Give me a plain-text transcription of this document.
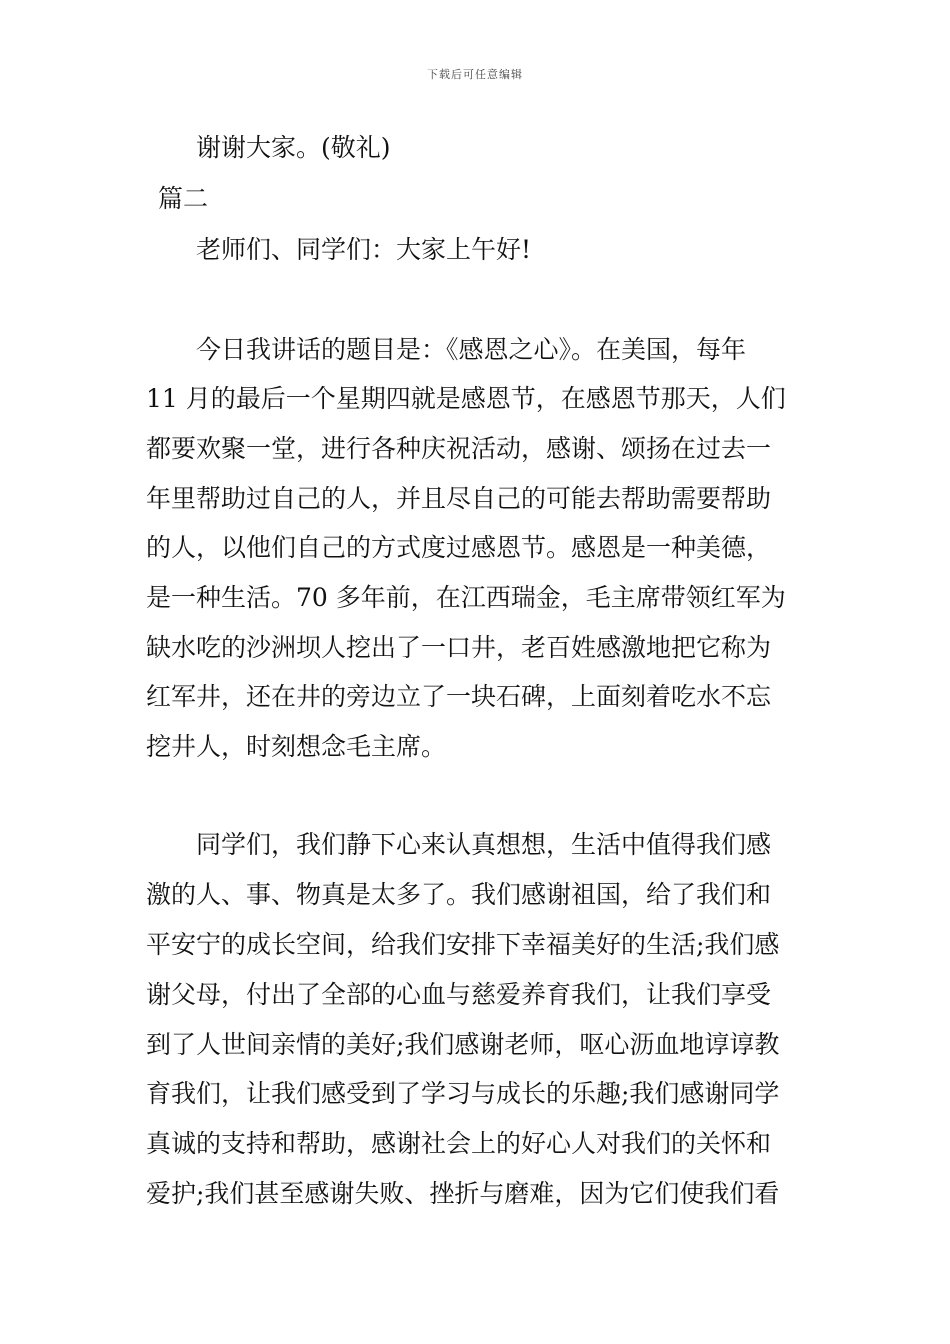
下载后可任意编辑
谢谢大家。(敬礼)
篇二
老师们、同学们：大家上午好!
今日我讲话的题目是：《感恩之心》。在美国，每年
11 月的最后一个星期四就是感恩节，在感恩节那天，人们
都要欢聚一堂，进行各种庆祝活动，感谢、颂扬在过去一
年里帮助过自己的人，并且尽自己的可能去帮助需要帮助
的人，以他们自己的方式度过感恩节。感恩是一种美德，
是一种生活。70 多年前，在江西瑞金，毛主席带领红军为
缺水吃的沙洲坝人挖出了一口井，老百姓感激地把它称为
红军井，还在井的旁边立了一块石碑，上面刻着吃水不忘
挖井人，时刻想念毛主席。
同学们，我们静下心来认真想想，生活中值得我们感
激的人、事、物真是太多了。我们感谢祖国，给了我们和
平安宁的成长空间，给我们安排下幸福美好的生活;我们感
谢父母，付出了全部的心血与慈爱养育我们，让我们享受
到了人世间亲情的美好;我们感谢老师，呕心沥血地谆谆教
育我们，让我们感受到了学习与成长的乐趣;我们感谢同学
真诚的支持和帮助，感谢社会上的好心人对我们的关怀和
爱护;我们甚至感谢失败、挫折与磨难，因为它们使我们看
